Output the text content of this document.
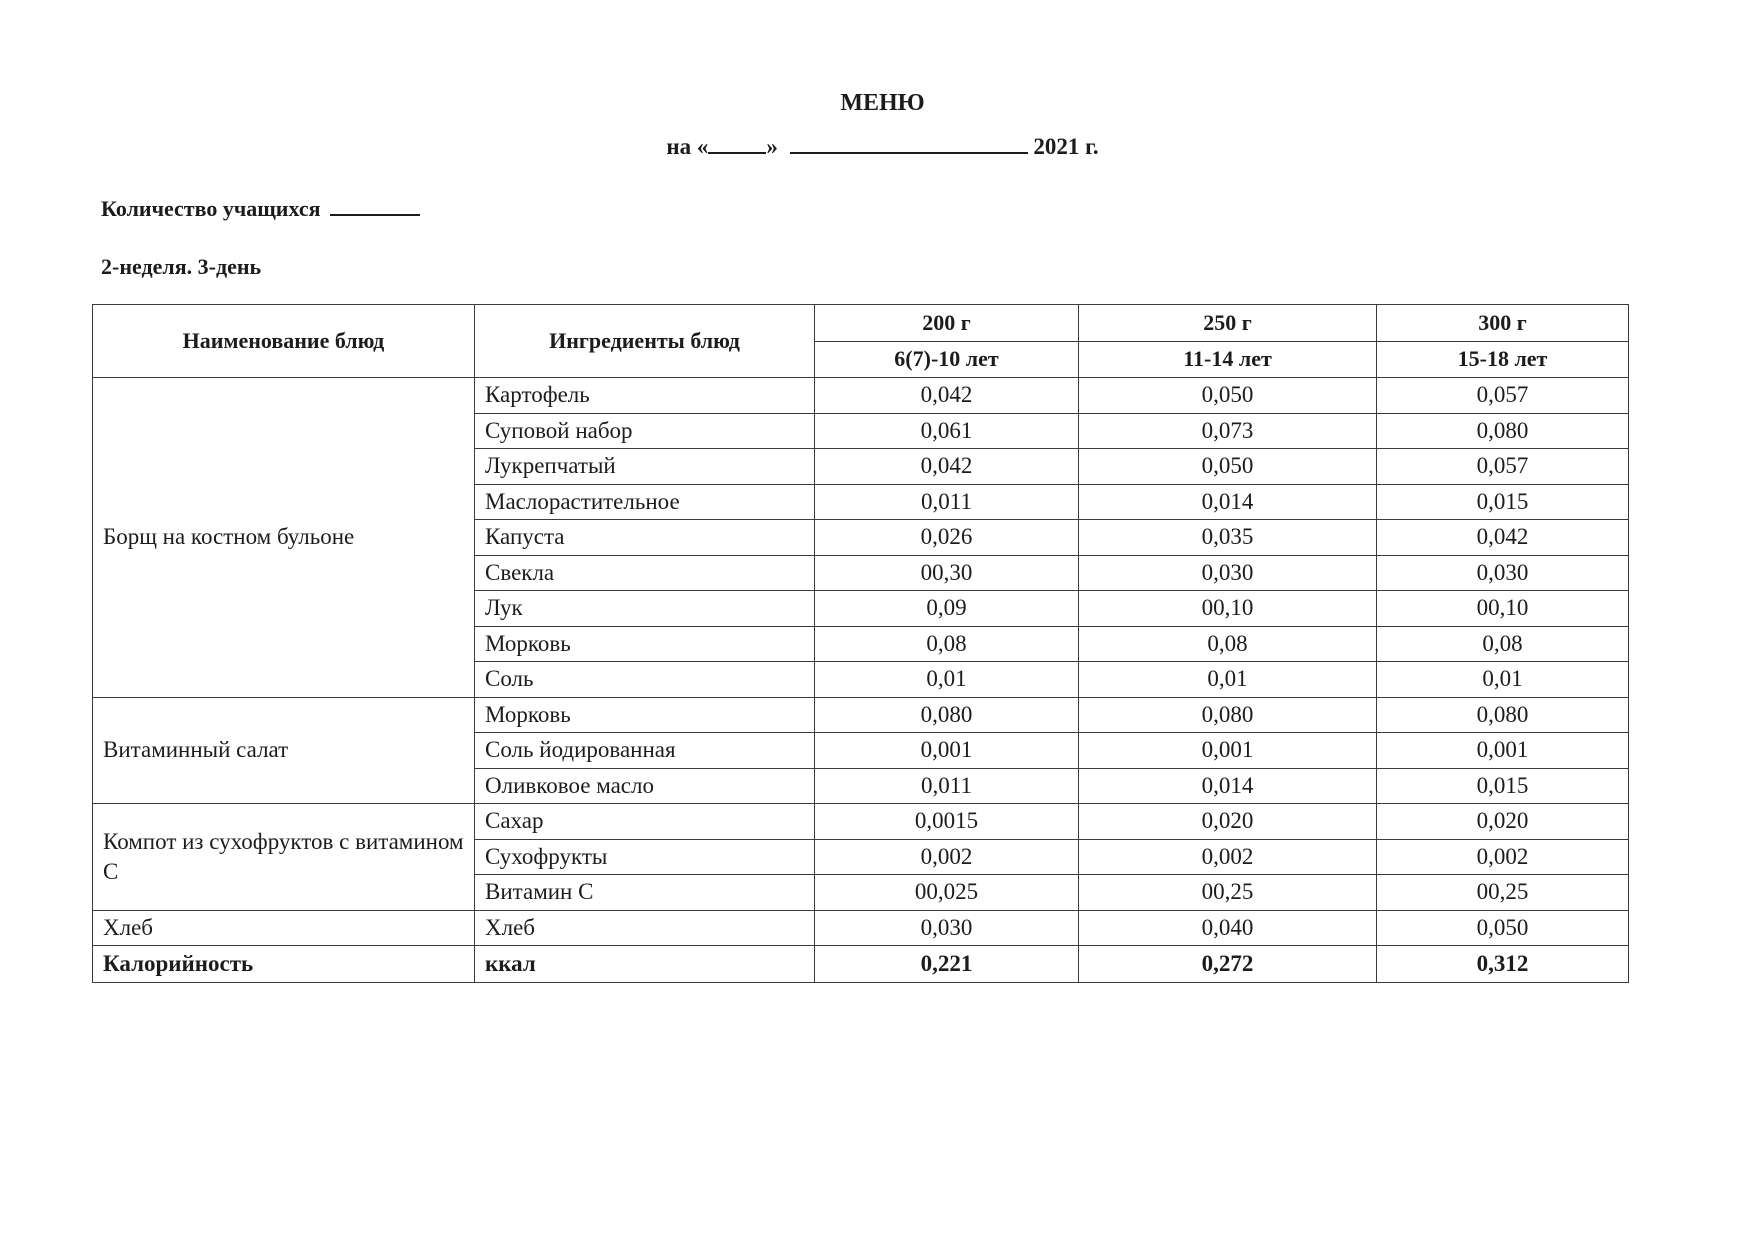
МЕНЮ
на «	»	2021 г.
Количество учащихся
2-неделя. 3-день
Наименование блюд	Ингредиенты блюд	200 г	250 г	300 г
		6(7)-10 лет	11-14 лет	15-18 лет
Борщ на костном бульоне	Картофель	0,042	0,050	0,057
	Суповой набор	0,061	0,073	0,080
	Лукрепчатый	0,042	0,050	0,057
	Маслорастительное	0,011	0,014	0,015
	Капуста	0,026	0,035	0,042
	Свекла	00,30	0,030	0,030
	Лук	0,09	00,10	00,10
	Морковь	0,08	0,08	0,08
	Соль	0,01	0,01	0,01
Витаминный салат	Морковь	0,080	0,080	0,080
	Соль йодированная	0,001	0,001	0,001
	Оливковое масло	0,011	0,014	0,015
Компот из сухофруктов с витамином С	Сахар	0,0015	0,020	0,020
	Сухофрукты	0,002	0,002	0,002
	Витамин С	00,025	00,25	00,25
Хлеб	Хлеб	0,030	0,040	0,050
Калорийность	ккал	0,221	0,272	0,312
